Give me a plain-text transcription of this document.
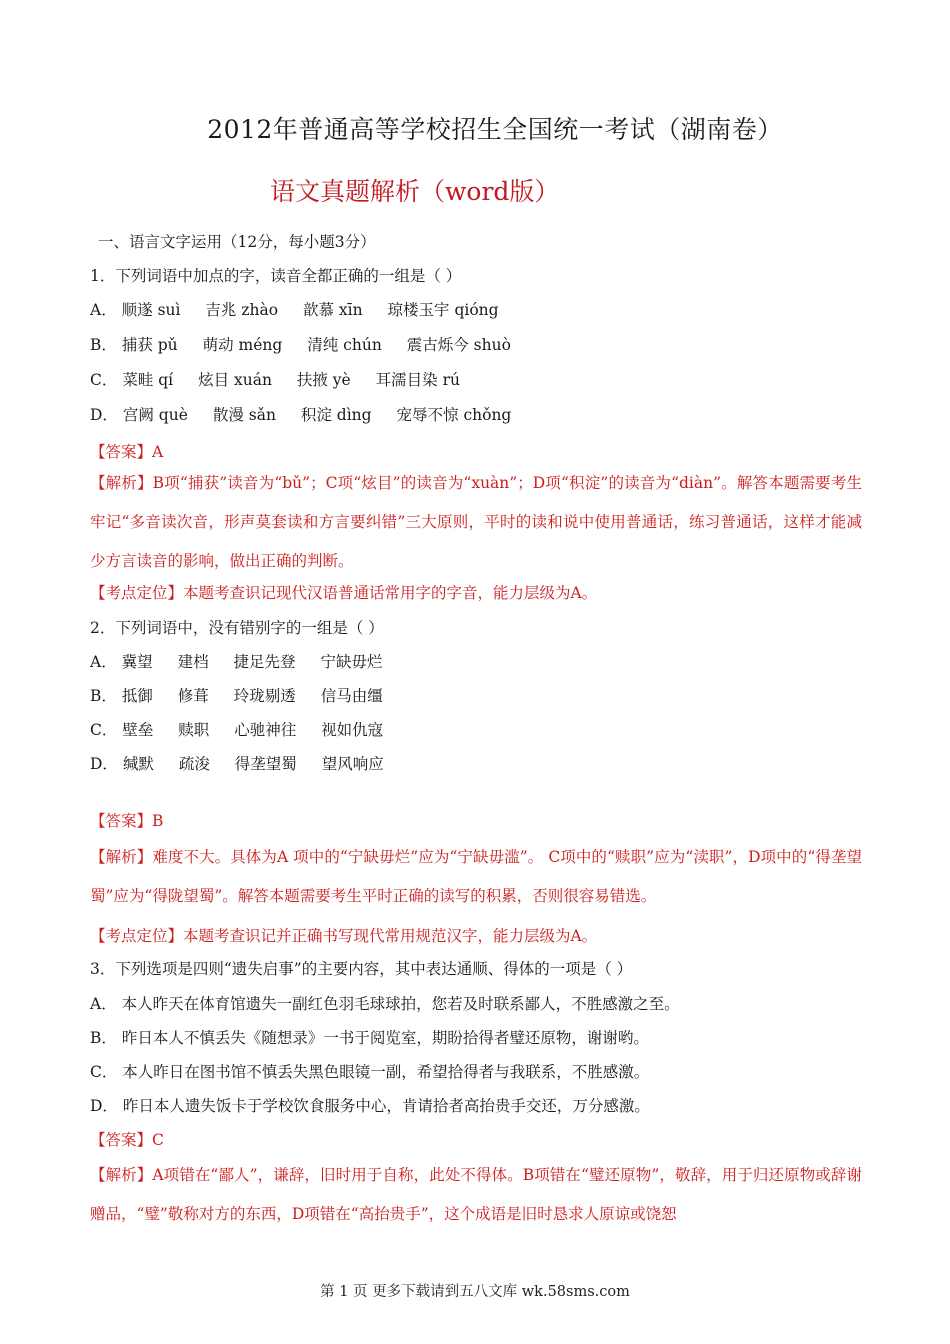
2012年普通高等学校招生全国统一考试（湖南卷）
语文真题解析（word版）
一、语言文字运用（12分，每小题3分）
1．下列词语中加点的字，读音全都正确的一组是（ ）
A． 顺遂 suì 吉兆 zhào 歆慕 xīn 琼楼玉宇 qióng
B． 捕获 pǔ 萌动 méng 清纯 chún 震古烁今 shuò
C． 菜畦 qí 炫目 xuán 扶掖 yè 耳濡目染 rú
D． 宫阙 què 散漫 sǎn 积淀 dìng 宠辱不惊 chǒng
【答案】A
【解析】B项“捕获”读音为“bǔ”；C项“炫目”的读音为“xuàn”；D项“积淀”的读音为“diàn”。解答本题需要考生牢记“多音读次音，形声莫套读和方言要纠错”三大原则，平时的读和说中使用普通话，练习普通话，这样才能减少方言读音的影响，做出正确的判断。
【考点定位】本题考查识记现代汉语普通话常用字的字音，能力层级为A。
2．下列词语中，没有错别字的一组是（ ）
A． 冀望 建档 捷足先登 宁缺毋烂
B． 抵御 修葺 玲珑剔透 信马由缰
C． 壁垒 赎职 心驰神往 视如仇寇
D． 缄默 疏浚 得垄望蜀 望风响应
【答案】B
【解析】难度不大。具体为A 项中的“宁缺毋烂”应为“宁缺毋滥”。 C项中的“赎职”应为“渎职”，D项中的“得垄望蜀”应为“得陇望蜀”。解答本题需要考生平时正确的读写的积累，否则很容易错选。
【考点定位】本题考查识记并正确书写现代常用规范汉字，能力层级为A。
3．下列选项是四则“遗失启事”的主要内容，其中表达通顺、得体的一项是（ ）
A． 本人昨天在体育馆遗失一副红色羽毛球球拍，您若及时联系鄙人，不胜感激之至。
B． 昨日本人不慎丢失《随想录》一书于阅览室，期盼拾得者璧还原物，谢谢哟。
C． 本人昨日在图书馆不慎丢失黑色眼镜一副，希望拾得者与我联系，不胜感激。
D． 昨日本人遗失饭卡于学校饮食服务中心，肯请拾者高抬贵手交还，万分感激。
【答案】C
【解析】A项错在“鄙人”，谦辞，旧时用于自称，此处不得体。B项错在“璧还原物”，敬辞，用于归还原物或辞谢赠品，“璧”敬称对方的东西，D项错在“高抬贵手”，这个成语是旧时恳求人原谅或饶恕
第 1 页 更多下载请到五八文库 wk.58sms.com
